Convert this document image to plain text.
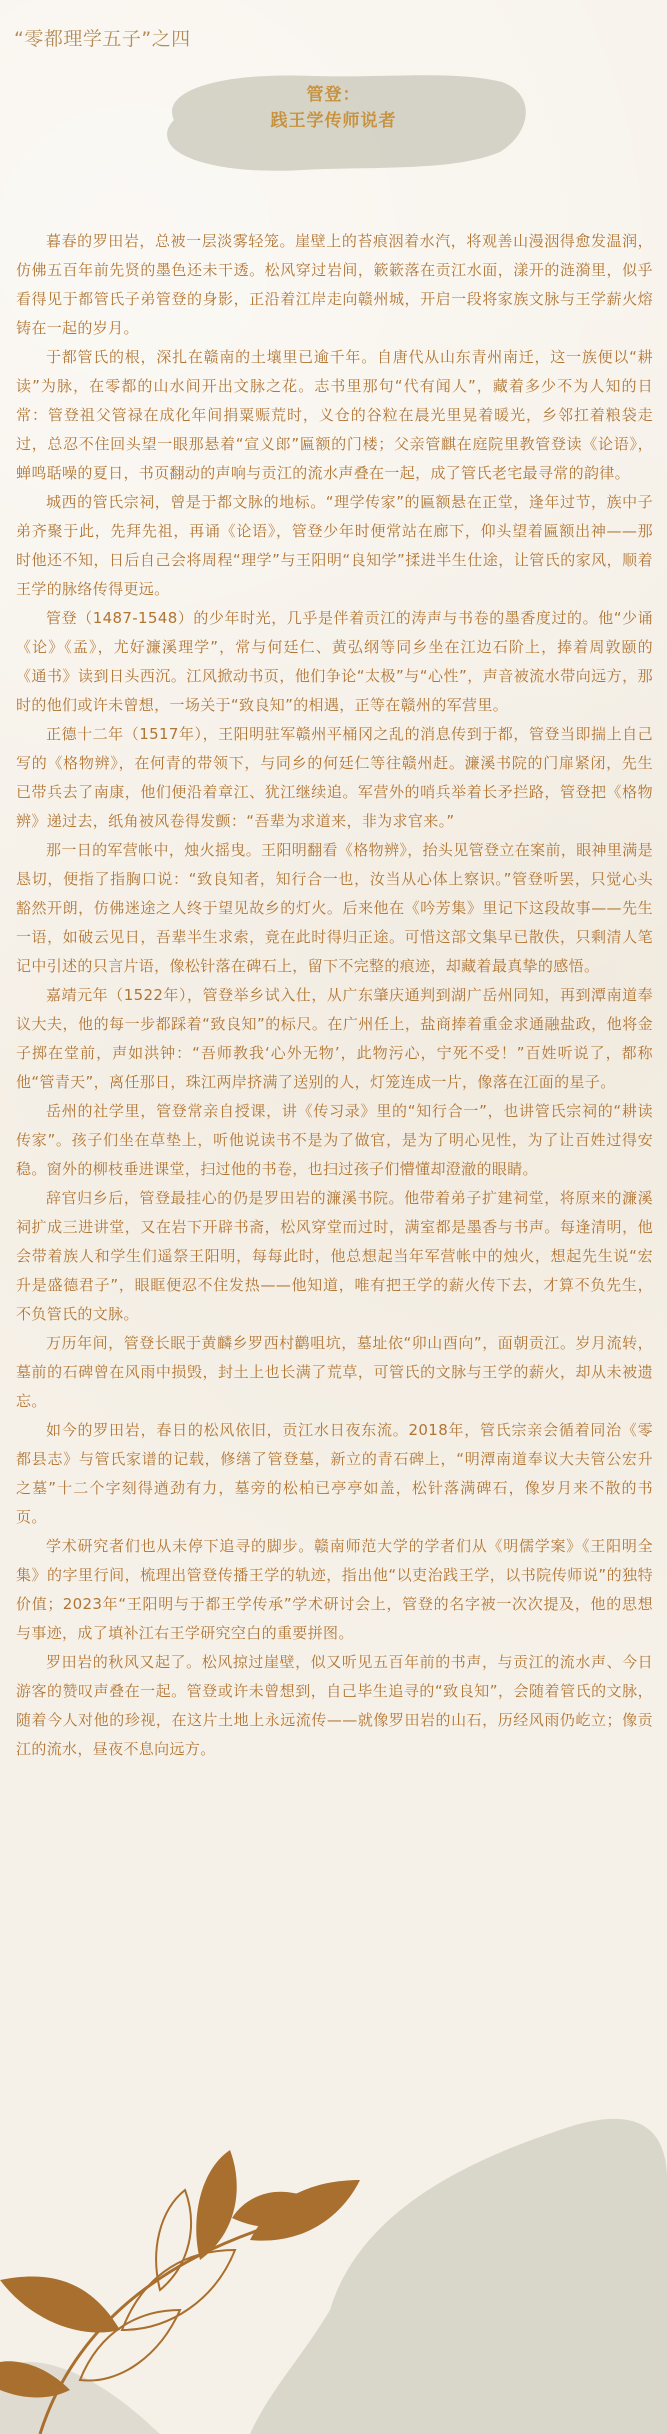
“零都理学五子”之四
管登：
践王学传师说者

暮春的罗田岩，总被一层淡雾轻笼。崖壁上的苔痕洇着水汽，将观善山漫洇得愈发温润，仿佛五百年前先贤的墨色还未干透。松风穿过岩间，簌簌落在贡江水面，漾开的涟漪里，似乎看得见于都管氏子弟管登的身影，正沿着江岸走向赣州城，开启一段将家族文脉与王学薪火熔铸在一起的岁月。

于都管氏的根，深扎在赣南的土壤里已逾千年。自唐代从山东青州南迁，这一族便以“耕读”为脉，在零都的山水间开出文脉之花。志书里那句“代有闻人”，藏着多少不为人知的日常：管登祖父管禄在成化年间捐粟赈荒时，义仓的谷粒在晨光里晃着暖光，乡邻扛着粮袋走过，总忍不住回头望一眼那悬着“宣义郎”匾额的门楼；父亲管麒在庭院里教管登读《论语》，蝉鸣聒噪的夏日，书页翻动的声响与贡江的流水声叠在一起，成了管氏老宅最寻常的韵律。

城西的管氏宗祠，曾是于都文脉的地标。“理学传家”的匾额悬在正堂，逢年过节，族中子弟齐聚于此，先拜先祖，再诵《论语》，管登少年时便常站在廊下，仰头望着匾额出神——那时他还不知，日后自己会将周程“理学”与王阳明“良知学”揉进半生仕途，让管氏的家风，顺着王学的脉络传得更远。

管登（1487-1548）的少年时光，几乎是伴着贡江的涛声与书卷的墨香度过的。他“少诵《论》《孟》，尤好濂溪理学”，常与何廷仁、黄弘纲等同乡坐在江边石阶上，捧着周敦颐的《通书》读到日头西沉。江风掀动书页，他们争论“太极”与“心性”，声音被流水带向远方，那时的他们或许未曾想，一场关于“致良知”的相遇，正等在赣州的军营里。

正德十二年（1517年），王阳明驻军赣州平桶冈之乱的消息传到于都，管登当即揣上自己写的《格物辨》，在何青的带领下，与同乡的何廷仁等往赣州赶。濂溪书院的门扉紧闭，先生已带兵去了南康，他们便沿着章江、犹江继续追。军营外的哨兵举着长矛拦路，管登把《格物辨》递过去，纸角被风卷得发颤：“吾辈为求道来，非为求官来。”

那一日的军营帐中，烛火摇曳。王阳明翻看《格物辨》，抬头见管登立在案前，眼神里满是恳切，便指了指胸口说：“致良知者，知行合一也，汝当从心体上察识。”管登听罢，只觉心头豁然开朗，仿佛迷途之人终于望见故乡的灯火。后来他在《吟芳集》里记下这段故事——先生一语，如破云见日，吾辈半生求索，竟在此时得归正途。可惜这部文集早已散佚，只剩清人笔记中引述的只言片语，像松针落在碑石上，留下不完整的痕迹，却藏着最真挚的感悟。

嘉靖元年（1522年），管登举乡试入仕，从广东肇庆通判到湖广岳州同知，再到潭南道奉议大夫，他的每一步都踩着“致良知”的标尺。在广州任上，盐商捧着重金求通融盐政，他将金子掷在堂前，声如洪钟：“吾师教我‘心外无物’，此物污心，宁死不受！”百姓听说了，都称他“管青天”，离任那日，珠江两岸挤满了送别的人，灯笼连成一片，像落在江面的星子。

岳州的社学里，管登常亲自授课，讲《传习录》里的“知行合一”，也讲管氏宗祠的“耕读传家”。孩子们坐在草垫上，听他说读书不是为了做官，是为了明心见性，为了让百姓过得安稳。窗外的柳枝垂进课堂，扫过他的书卷，也扫过孩子们懵懂却澄澈的眼睛。

辞官归乡后，管登最挂心的仍是罗田岩的濂溪书院。他带着弟子扩建祠堂，将原来的濂溪祠扩成三进讲堂，又在岩下开辟书斋，松风穿堂而过时，满室都是墨香与书声。每逢清明，他会带着族人和学生们遥祭王阳明，每每此时，他总想起当年军营帐中的烛火，想起先生说“宏升是盛德君子”，眼眶便忍不住发热——他知道，唯有把王学的薪火传下去，才算不负先生，不负管氏的文脉。

万历年间，管登长眠于黄麟乡罗西村鹳咀坑，墓址依“卯山酉向”，面朝贡江。岁月流转，墓前的石碑曾在风雨中损毁，封土上也长满了荒草，可管氏的文脉与王学的薪火，却从未被遗忘。

如今的罗田岩，春日的松风依旧，贡江水日夜东流。2018年，管氏宗亲会循着同治《零都县志》与管氏家谱的记载，修缮了管登墓，新立的青石碑上，“明潭南道奉议大夫管公宏升之墓”十二个字刻得遒劲有力，墓旁的松柏已亭亭如盖，松针落满碑石，像岁月来不散的书页。

学术研究者们也从未停下追寻的脚步。赣南师范大学的学者们从《明儒学案》《王阳明全集》的字里行间，梳理出管登传播王学的轨迹，指出他“以吏治践王学，以书院传师说”的独特价值；2023年“王阳明与于都王学传承”学术研讨会上，管登的名字被一次次提及，他的思想与事迹，成了填补江右王学研究空白的重要拼图。

罗田岩的秋风又起了。松风掠过崖壁，似又听见五百年前的书声，与贡江的流水声、今日游客的赞叹声叠在一起。管登或许未曾想到，自己毕生追寻的“致良知”，会随着管氏的文脉，随着今人对他的珍视，在这片土地上永远流传——就像罗田岩的山石，历经风雨仍屹立；像贡江的流水，昼夜不息向远方。
